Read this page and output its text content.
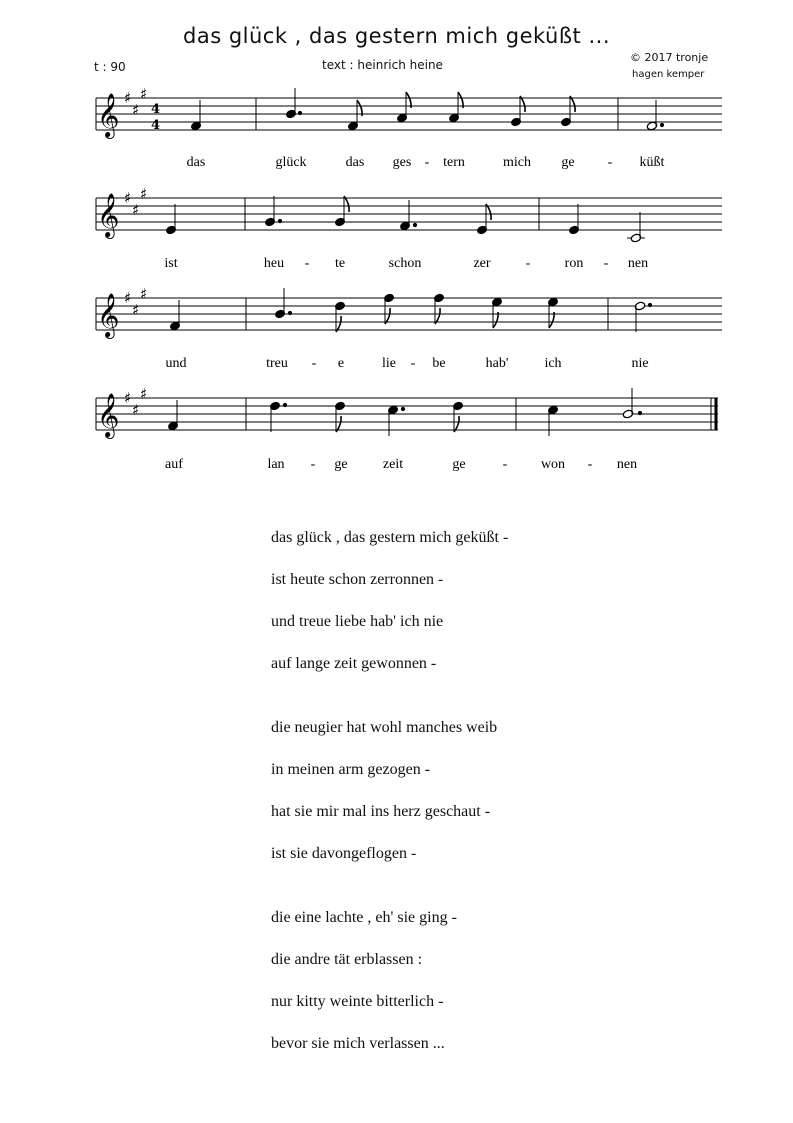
das glück , das gestern mich geküßt ...
t : 90	text : heinrich heine
© 2017 tronje
hagen kemper
𝄞 ♯
♯
♯
4
4
𝄞 ♯
♯
♯
𝄞 ♯
♯
♯
𝄞 ♯
♯
♯
das	glück	das ges - tern	mich ge - küßt
ist	heu - te	schon	zer	- ron - nen
und	treu - e	lie - be	hab'	ich	nie
auf	lan - ge	zeit	ge	- won - nen
das glück , das gestern mich geküßt -
ist heute schon zerronnen -
und treue liebe hab' ich nie
auf lange zeit gewonnen -
die neugier hat wohl manches weib
in meinen arm gezogen -
hat sie mir mal ins herz geschaut -
ist sie davongeflogen -
die eine lachte , eh' sie ging -
die andre tät erblassen :
nur kitty weinte bitterlich -
bevor sie mich verlassen ...
